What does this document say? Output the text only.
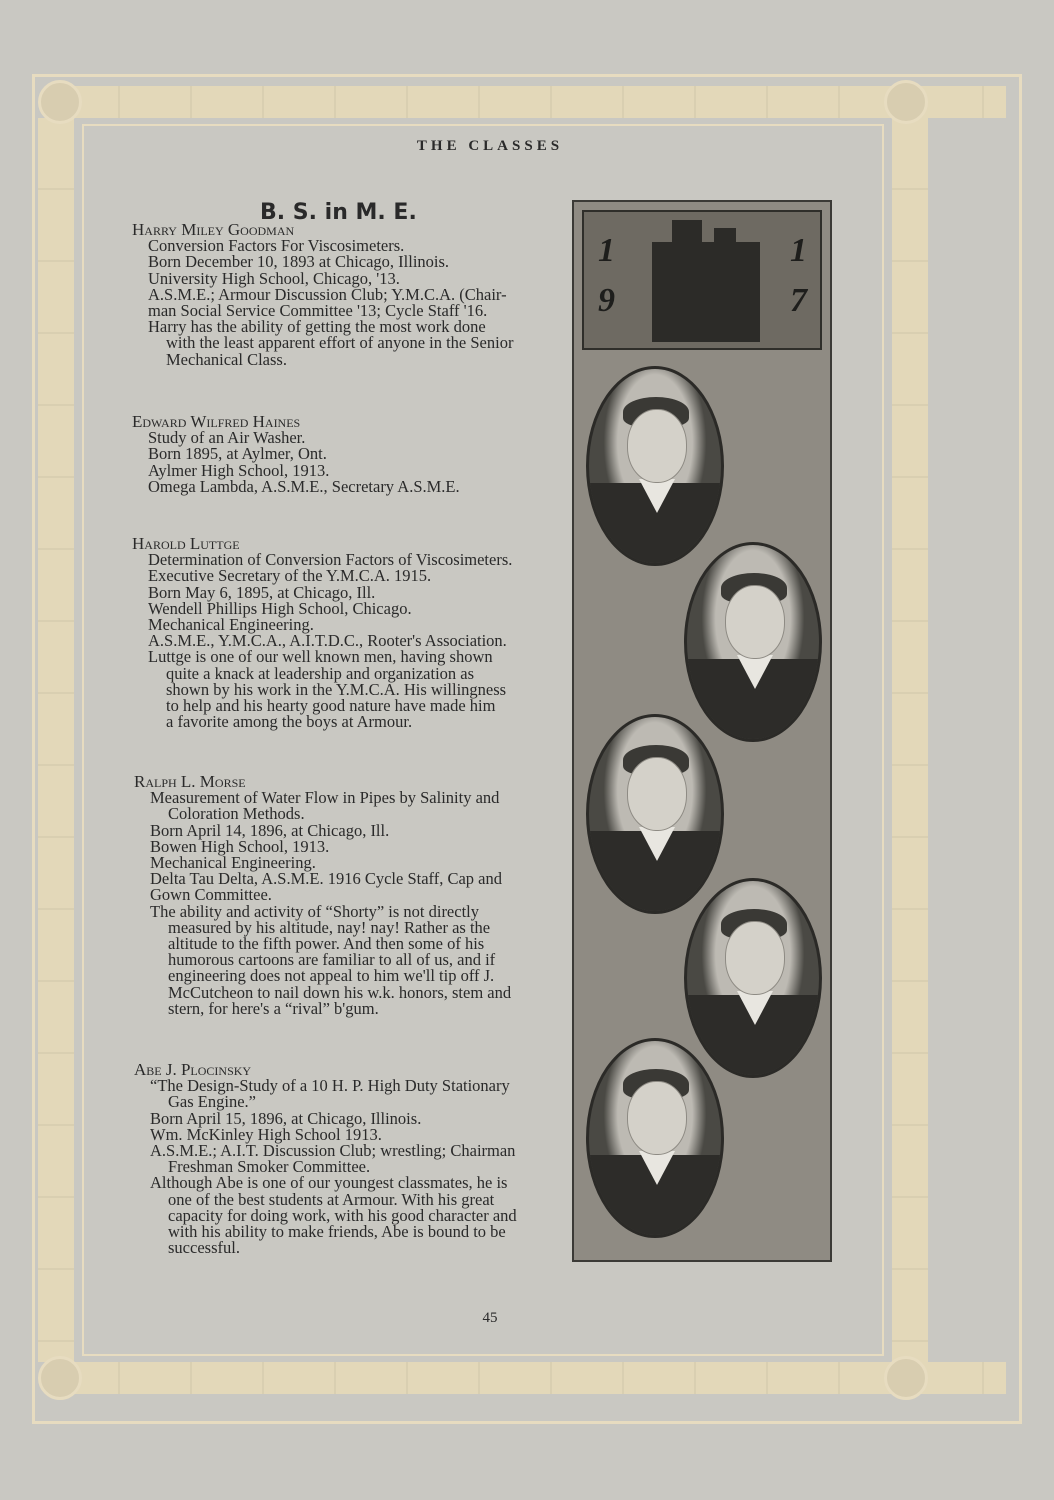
THE CLASSES
B. S. in M. E.
Harry Miley Goodman
Conversion Factors For Viscosimeters.
Born December 10, 1893 at Chicago, Illinois.
University High School, Chicago, '13.
A.S.M.E.; Armour Discussion Club; Y.M.C.A. (Chair-
man Social Service Committee '13; Cycle Staff '16.
Harry has the ability of getting the most work done
with the least apparent effort of anyone in the Senior
Mechanical Class.
Edward Wilfred Haines
Study of an Air Washer.
Born 1895, at Aylmer, Ont.
Aylmer High School, 1913.
Omega Lambda, A.S.M.E., Secretary A.S.M.E.
Harold Luttge
Determination of Conversion Factors of Viscosimeters.
Executive Secretary of the Y.M.C.A. 1915.
Born May 6, 1895, at Chicago, Ill.
Wendell Phillips High School, Chicago.
Mechanical Engineering.
A.S.M.E., Y.M.C.A., A.I.T.D.C., Rooter's Association.
Luttge is one of our well known men, having shown
quite a knack at leadership and organization as
shown by his work in the Y.M.C.A. His willingness
to help and his hearty good nature have made him
a favorite among the boys at Armour.
Ralph L. Morse
Measurement of Water Flow in Pipes by Salinity and
Coloration Methods.
Born April 14, 1896, at Chicago, Ill.
Bowen High School, 1913.
Mechanical Engineering.
Delta Tau Delta, A.S.M.E. 1916 Cycle Staff, Cap and
Gown Committee.
The ability and activity of “Shorty” is not directly
measured by his altitude, nay! nay! Rather as the
altitude to the fifth power. And then some of his
humorous cartoons are familiar to all of us, and if
engineering does not appeal to him we'll tip off J.
McCutcheon to nail down his w.k. honors, stem and
stern, for here's a “rival” b'gum.
Abe J. Plocinsky
“The Design-Study of a 10 H. P. High Duty Stationary
Gas Engine.”
Born April 15, 1896, at Chicago, Illinois.
Wm. McKinley High School 1913.
A.S.M.E.; A.I.T. Discussion Club; wrestling; Chairman
Freshman Smoker Committee.
Although Abe is one of our youngest classmates, he is
one of the best students at Armour. With his great
capacity for doing work, with his good character and
with his ability to make friends, Abe is bound to be
successful.
1
9
1
7
45
